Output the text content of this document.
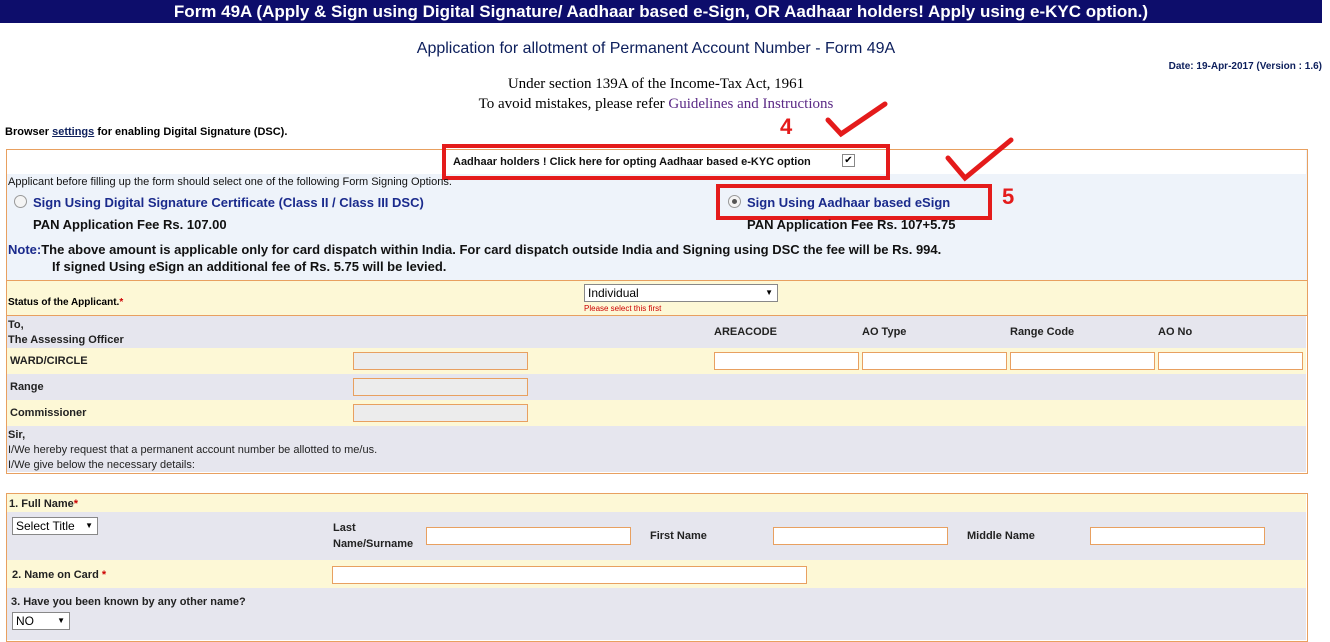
Form 49A (Apply & Sign using Digital Signature/ Aadhaar based e-Sign, OR Aadhaar holders! Apply using e-KYC option.)
Application for allotment of Permanent Account Number - Form 49A
Date: 19-Apr-2017 (Version : 1.6)
Under section 139A of the Income-Tax Act, 1961
To avoid mistakes, please refer Guidelines and Instructions
Browser settings for enabling Digital Signature (DSC).
Aadhaar holders ! Click here for opting Aadhaar based e-KYC option	✔
4
Applicant before filling up the form should select one of the following Form Signing Options.
Sign Using Digital Signature Certificate (Class II / Class III DSC)
PAN Application Fee Rs. 107.00
Sign Using Aadhaar based eSign 5
PAN Application Fee Rs. 107+5.75
Note:The above amount is applicable only for card dispatch within India. For card dispatch outside India and Signing using DSC the fee will be Rs. 994.
If signed Using eSign an additional fee of Rs. 5.75 will be levied.
Status of the Applicant.*
Individual	▼
Please select this first
To,
The Assessing Officer
AREACODE	AO Type	Range Code	AO No
WARD/CIRCLE
Range
Commissioner
Sir,
I/We hereby request that a permanent account number be allotted to me/us.
I/We give below the necessary details:
1. Full Name*
Select Title ▼	Last
Name/Surname
First Name	Middle Name
2. Name on Card *
3. Have you been known by any other name?
NO	▼
